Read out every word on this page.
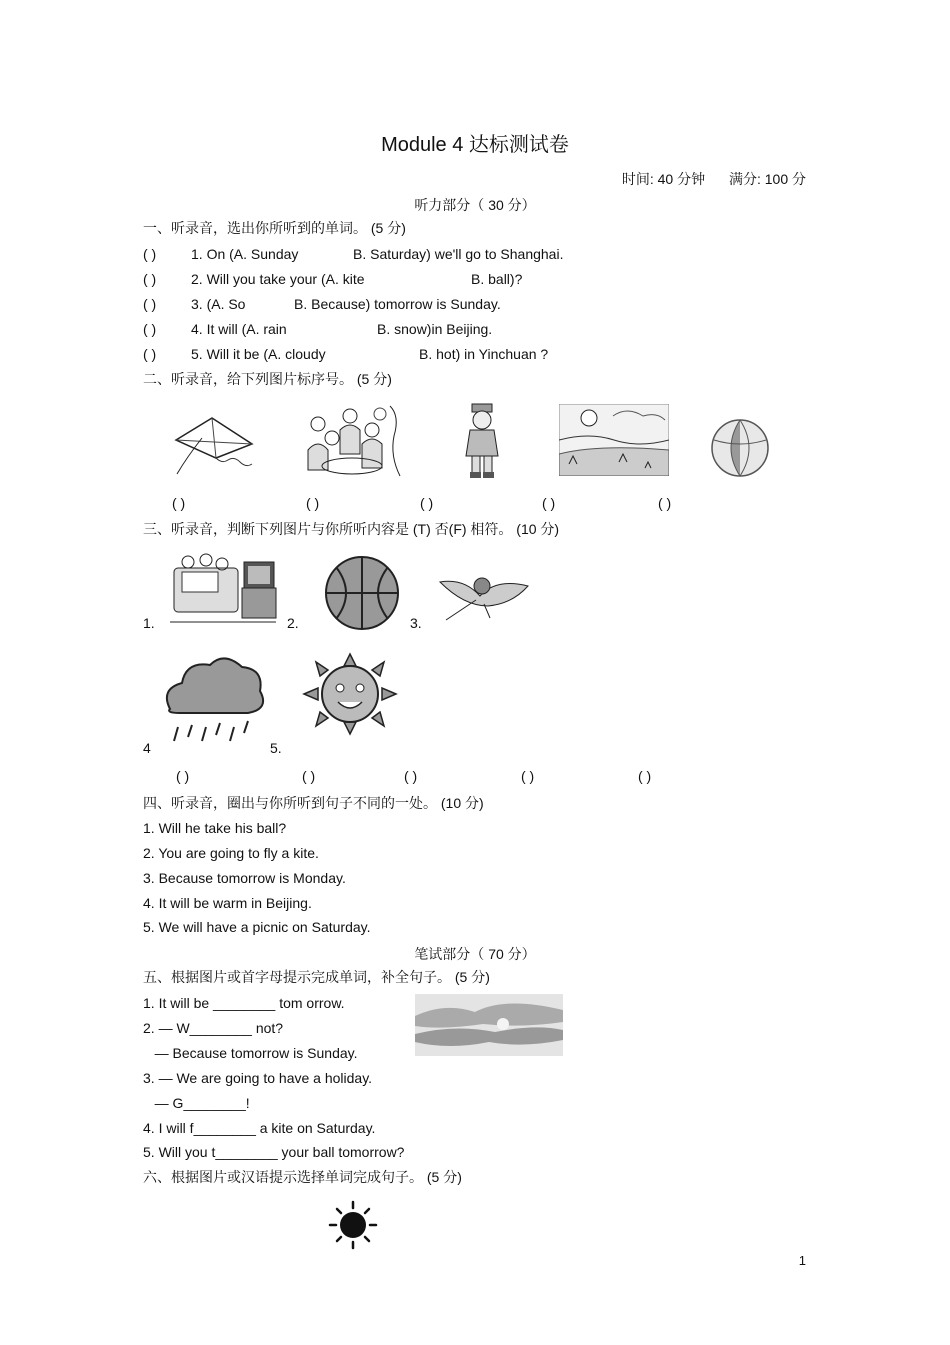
Module 4 达标测试卷
时间: 40 分钟 满分: 100 分
听力部分（ 30 分）
一、听录音，选出你所听到的单词。 (5 分)
( ) 1. On (A. Sunday	B. Saturday) we'll go to Shanghai.
( ) 2. Will you take your (A. kite	B. ball)?
( ) 3. (A. So	B. Because) tomorrow is Sunday.
( ) 4. It will (A. rain	B. snow)in Beijing.
( ) 5. Will it be (A. cloudy	B. hot) in Yinchuan ?
二、听录音，给下列图片标序号。 (5 分)
( )	( )	( )	( )	( )
三、听录音，判断下列图片与你所听内容是 (T) 否(F) 相符。 (10 分)
1.	2.	3.
4	5.
( )	( )	( )	( )	( )
四、听录音，圈出与你所听到句子不同的一处。 (10 分)
1. Will he take his ball?
2. You are going to fly a kite.
3. Because tomorrow is Monday.
4. It will be warm in Beijing.
5. We will have a picnic on Saturday.
笔试部分（ 70 分）
五、根据图片或首字母提示完成单词，补全句子。 (5 分)
1. It will be ________ tom orrow.
2. — W________ not?
— Because tomorrow is Sunday.
3. — We are going to have a holiday.
— G________!
4. I will f________ a kite on Saturday.
5. Will you t________ your ball tomorrow?
六、根据图片或汉语提示选择单词完成句子。 (5 分)
1
